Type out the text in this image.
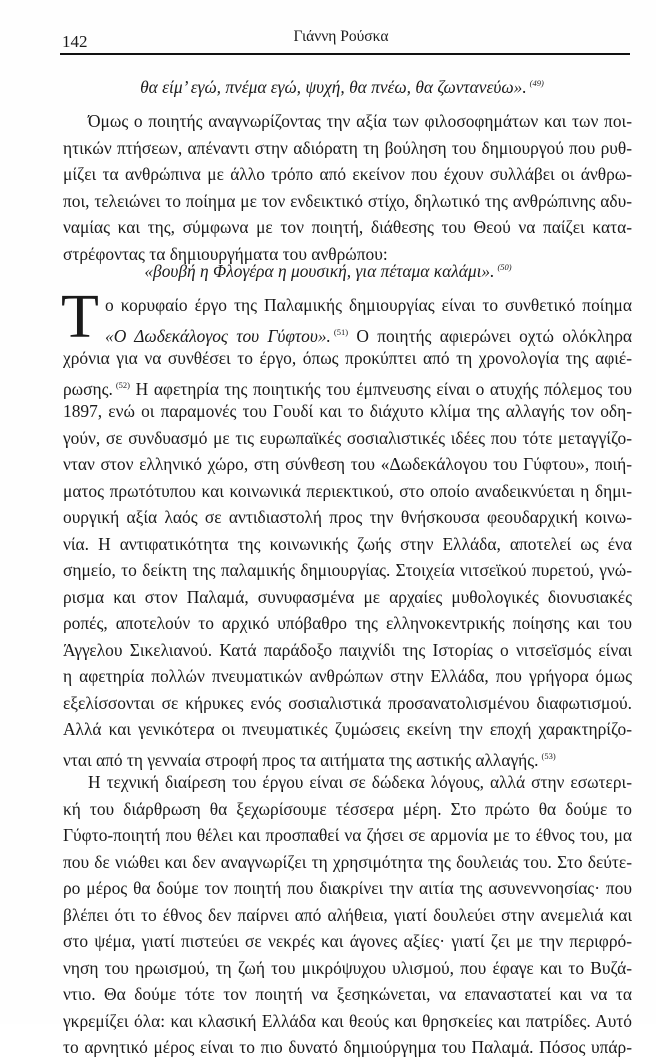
142	Γιάννη Ρούσκα
θα είμ’ εγώ, πνέμα εγώ, ψυχή, θα πνέω, θα ζωντανεύω». $^{(49)}$
Όμως ο ποιητής αναγνωρίζοντας την αξία των φιλοσοφημάτων και των ποι-
ητικών πτήσεων, απέναντι στην αδιόρατη τη βούληση του δημιουργού που ρυθ-
μίζει τα ανθρώπινα με άλλο τρόπο από εκείνον που έχουν συλλάβει οι άνθρω-
ποι, τελειώνει το ποίημα με τον ενδεικτικό στίχο, δηλωτικό της ανθρώπινης αδυ-
ναμίας και της, σύμφωνα με τον ποιητή, διάθεσης του Θεού να παίζει κατα-
στρέφοντας τα δημιουργήματα του ανθρώπου:
«βουβή η Φλογέρα η μουσική, για πέταμα καλάμι». $^{(50)}$
Τ ο κορυφαίο έργο της Παλαμικής δημιουργίας είναι το συνθετικό ποίημα
«Ο Δωδεκάλογος του Γύφτου». $^{(51)}$ Ο ποιητής αφιερώνει οχτώ ολόκληρα
χρόνια για να συνθέσει το έργο, όπως προκύπτει από τη χρονολογία της αφιέ-
ρωσης. $^{(52)}$ Η αφετηρία της ποιητικής του έμπνευσης είναι ο ατυχής πόλεμος του
1897, ενώ οι παραμονές του Γουδί και το διάχυτο κλίμα της αλλαγής τον οδη-
γούν, σε συνδυασμό με τις ευρωπαϊκές σοσιαλιστικές ιδέες που τότε μεταγγίζο-
νταν στον ελληνικό χώρο, στη σύνθεση του «Δωδεκάλογου του Γύφτου», ποιή-
ματος πρωτότυπου και κοινωνικά περιεκτικού, στο οποίο αναδεικνύεται η δημι-
ουργική αξία λαός σε αντιδιαστολή προς την θνήσκουσα φεουδαρχική κοινω-
νία. Η αντιφατικότητα της κοινωνικής ζωής στην Ελλάδα, αποτελεί ως ένα
σημείο, το δείκτη της παλαμικής δημιουργίας. Στοιχεία νιτσεϊκού πυρετού, γνώ-
ρισμα και στον Παλαμά, συνυφασμένα με αρχαίες μυθολογικές διονυσιακές
ροπές, αποτελούν το αρχικό υπόβαθρο της ελληνοκεντρικής ποίησης και του
Άγγελου Σικελιανού. Κατά παράδοξο παιχνίδι της Ιστορίας ο νιτσεϊσμός είναι
η αφετηρία πολλών πνευματικών ανθρώπων στην Ελλάδα, που γρήγορα όμως
εξελίσσονται σε κήρυκες ενός σοσιαλιστικά προσανατολισμένου διαφωτισμού.
Αλλά και γενικότερα οι πνευματικές ζυμώσεις εκείνη την εποχή χαρακτηρίζο-
νται από τη γενναία στροφή προς τα αιτήματα της αστικής αλλαγής. $^{(53)}$
Η τεχνική διαίρεση του έργου είναι σε δώδεκα λόγους, αλλά στην εσωτερι-
κή του διάρθρωση θα ξεχωρίσουμε τέσσερα μέρη. Στο πρώτο θα δούμε το
Γύφτο-ποιητή που θέλει και προσπαθεί να ζήσει σε αρμονία με το έθνος του, μα
που δε νιώθει και δεν αναγνωρίζει τη χρησιμότητα της δουλειάς του. Στο δεύτε-
ρο μέρος θα δούμε τον ποιητή που διακρίνει την αιτία της ασυνεννοησίας· που
βλέπει ότι το έθνος δεν παίρνει από αλήθεια, γιατί δουλεύει στην ανεμελιά και
στο ψέμα, γιατί πιστεύει σε νεκρές και άγονες αξίες· γιατί ζει με την περιφρό-
νηση του ηρωισμού, τη ζωή του μικρόψυχου υλισμού, που έφαγε και το Βυζά-
ντιο. Θα δούμε τότε τον ποιητή να ξεσηκώνεται, να επαναστατεί και να τα
γκρεμίζει όλα: και κλασική Ελλάδα και θεούς και θρησκείες και πατρίδες. Αυτό
το αρνητικό μέρος είναι το πιο δυνατό δημιούργημα του Παλαμά. Πόσος υπάρ-
